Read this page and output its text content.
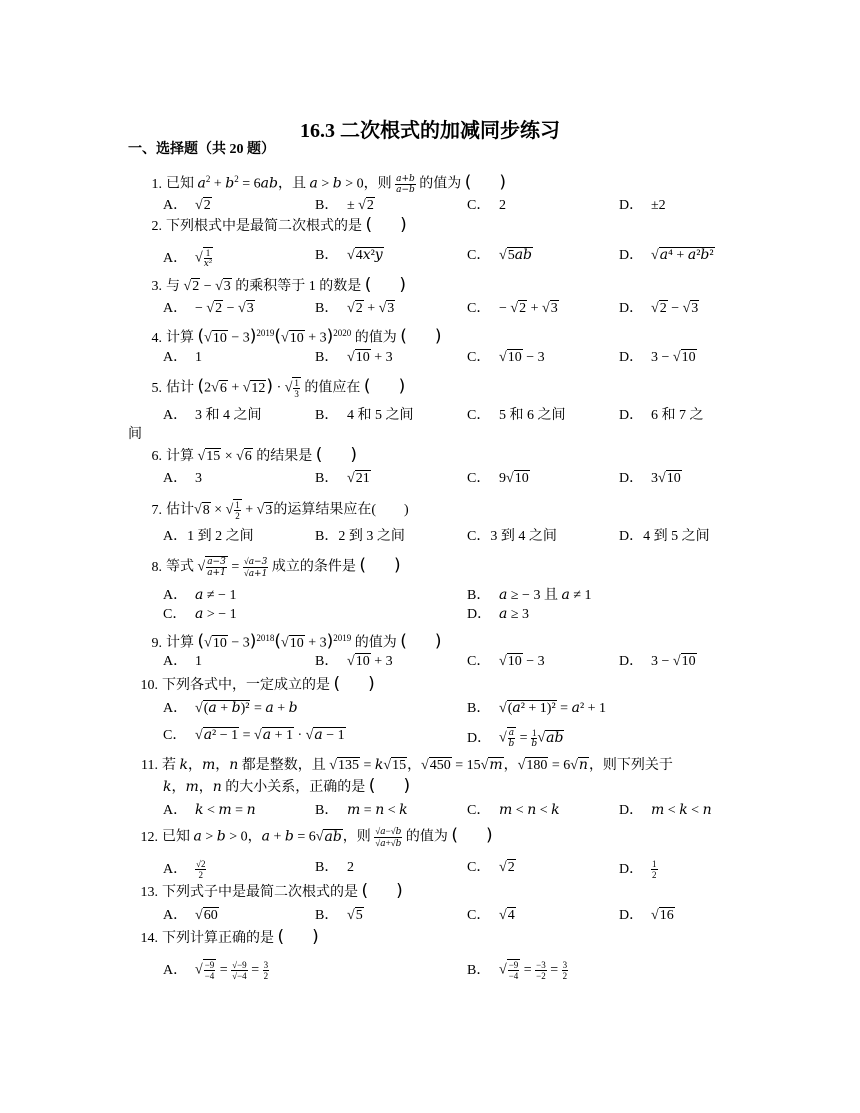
16.3 二次根式的加减同步练习
一、选择题（共 20 题）
1. 已知 $a^2 + b^2 = 6ab$，且 a > b > 0，则 $\frac{a+b}{a-b}$ 的值为 (　　 )
A． √2	B． ± √2	C． 2	D． ±2
2. 下列根式中是最简二次根式的是 (　　 )
A． √ $\frac{1}{\text{x²}}$	B． √4x²y	C． √5ab	D． √a⁴ + a²b²
3. 与 √2 − √3 的乘积等于 1 的数是 (　　 )
A． − √2 − √3	B． √2 + √3	C． − √2 + √3	D． √2 − √3
4. 计算 $(√10 - 3)^{2019}(√10 + 3)^{2020}$ 的值为 (　　 )
A． 1	B． √10 + 3	C． √10 − 3	D． 3 − √10
5. 估计 (2√6 + √12) · √ $\frac{1}{3}$ 的值应在 (　　 )
A． 3 和 4 之间	B． 4 和 5 之间	C． 5 和 6 之间	D． 6 和 7 之
间
6. 计算 √15 × √6 的结果是 (　　 )
A． 3	B． √21	C． 9√10	D． 3√10
7. 估计√8 × √ $\frac{1}{2} + √3$的运算结果应在(　　)
A．1 到 2 之间	B．2 到 3 之间	C．3 到 4 之间	D．4 到 5 之间
8. 等式 √ $\frac{a-3}{a+1} = \frac{√a-3}{√a+1}$ 成立的条件是 (　　 )
A． a ≠ − 1	B． a ≥ − 3 且 a ≠ 1
C． a > − 1	D． a ≥ 3
9. 计算 $(√10 - 3)^{2018}(√10 + 3)^{2019}$ 的值为 (　　 )
A． 1	B． √10 + 3	C． √10 − 3	D． 3 − √10
10. 下列各式中，一定成立的是 (　　 )
A． √(a + b)² = a + b	B． √(a² + 1)² = a² + 1
C． √a² − 1 = √a + 1 · √a − 1	D． √ $\frac{a}{b} = \frac{1}{b} √ab$
11. 若 k，m，n 都是整数，且 √135 = k√15，√450 = 15√m，√180 = 6√n，则下列关于
k，m，n 的大小关系，正确的是 (　　 )
A． k < m = n	B． m = n < k	C． m < n < k	D． m < k < n
12. 已知 a > b > 0，a + b = 6√ab，则 $\frac{√a-√b}{√a+√b}$ 的值为 (　　 )
A． $\frac{√2}{2}$	B． 2	C． √2	D． $\frac{1}{2}$
13. 下列式子中是最简二次根式的是 (　　 )
A． √60	B． √5	C． √4	D． √16
14. 下列计算正确的是 (　　 )
A． √ $\frac{-9}{-4} = \frac{√-9}{√-4} = \frac{3}{2}$	B． √ $\frac{-9}{-4} = \frac{-3}{-2} = \frac{3}{2}$
